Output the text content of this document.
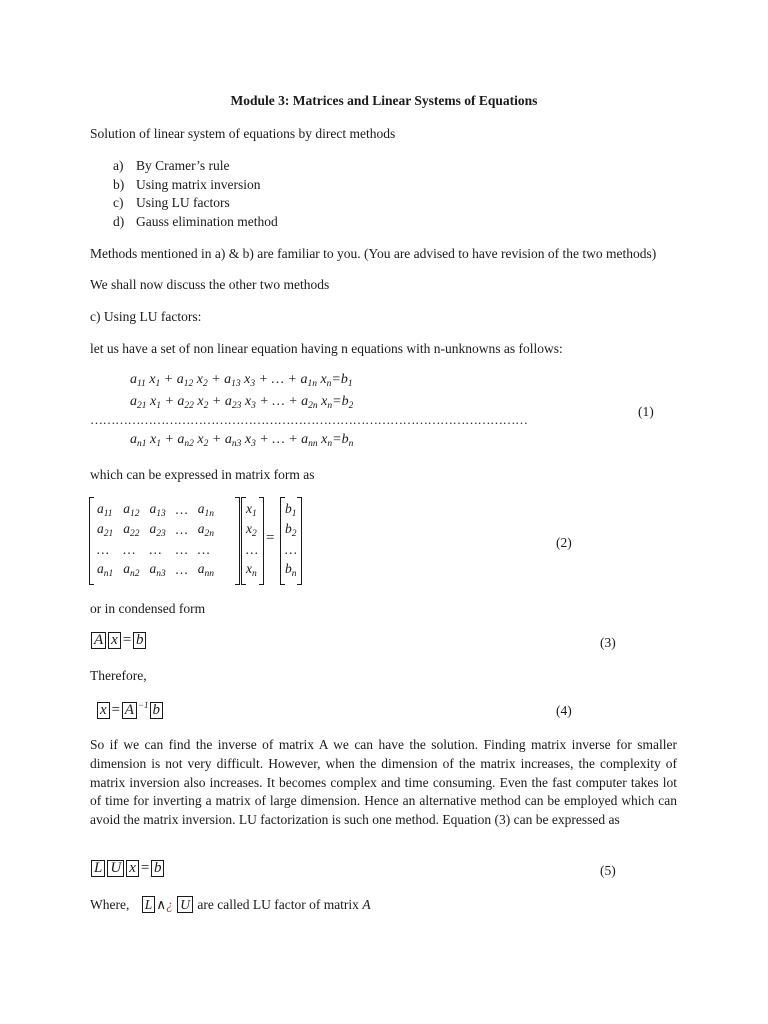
Module 3: Matrices and Linear Systems of Equations
Solution of linear system of equations by direct methods
a) By Cramer’s rule
b) Using matrix inversion
c) Using LU factors
d) Gauss elimination method
Methods mentioned in a) & b) are familiar to you. (You are advised to have revision of the two methods)
We shall now discuss the other two methods
c) Using LU factors:
let us have a set of non linear equation having n equations with n-unknowns as follows:
$a_{11}$ $x_1 + a_{12}$ $x_2 + a_{13}$ $x_3$ + … + $a_{1n}$ $x_n=b_1$
$a_{21}$ $x_1 + a_{22}$ $x_2 + a_{23}$ $x_3$ + … + $a_{2n}$ $x_n=b_2$
……………………………………………………………………………………………
$a_{n1}$ $x_1 + a_{n2}$ $x_2 + a_{n3}$ $x_3$ + … + $a_{nn}$ $x_n=b_n$
(1)
which can be expressed in matrix form as
$a_{11}$	$a_{12}$	$a_{13}$	…	$a_{1n}$
$a_{21}$	$a_{22}$	$a_{23}$	…	$a_{2n}$
…	…	…	…	…
$a_{n1}$	$a_{n2}$	$a_{n3}$	…	$a_{nn}$
$x_1$
$x_2$
…
$x_n$
=
$b_1$
$b_2$
…
$b_n$
(2)
or in condensed form
A x = b	(3)
Therefore,
x = A $^{-1}$ b	(4)
So if we can find the inverse of matrix A we can have the solution. Finding matrix inverse for smaller dimension is not very difficult. However, when the dimension of the matrix increases, the complexity of matrix inversion also increases. It becomes complex and time consuming. Even the fast computer takes lot of time for inverting a matrix of large dimension. Hence an alternative method can be employed which can avoid the matrix inversion. LU factorization is such one method. Equation (3) can be expressed as
L U x = b	(5)
Where, L ∧¿ U are called LU factor of matrix A
